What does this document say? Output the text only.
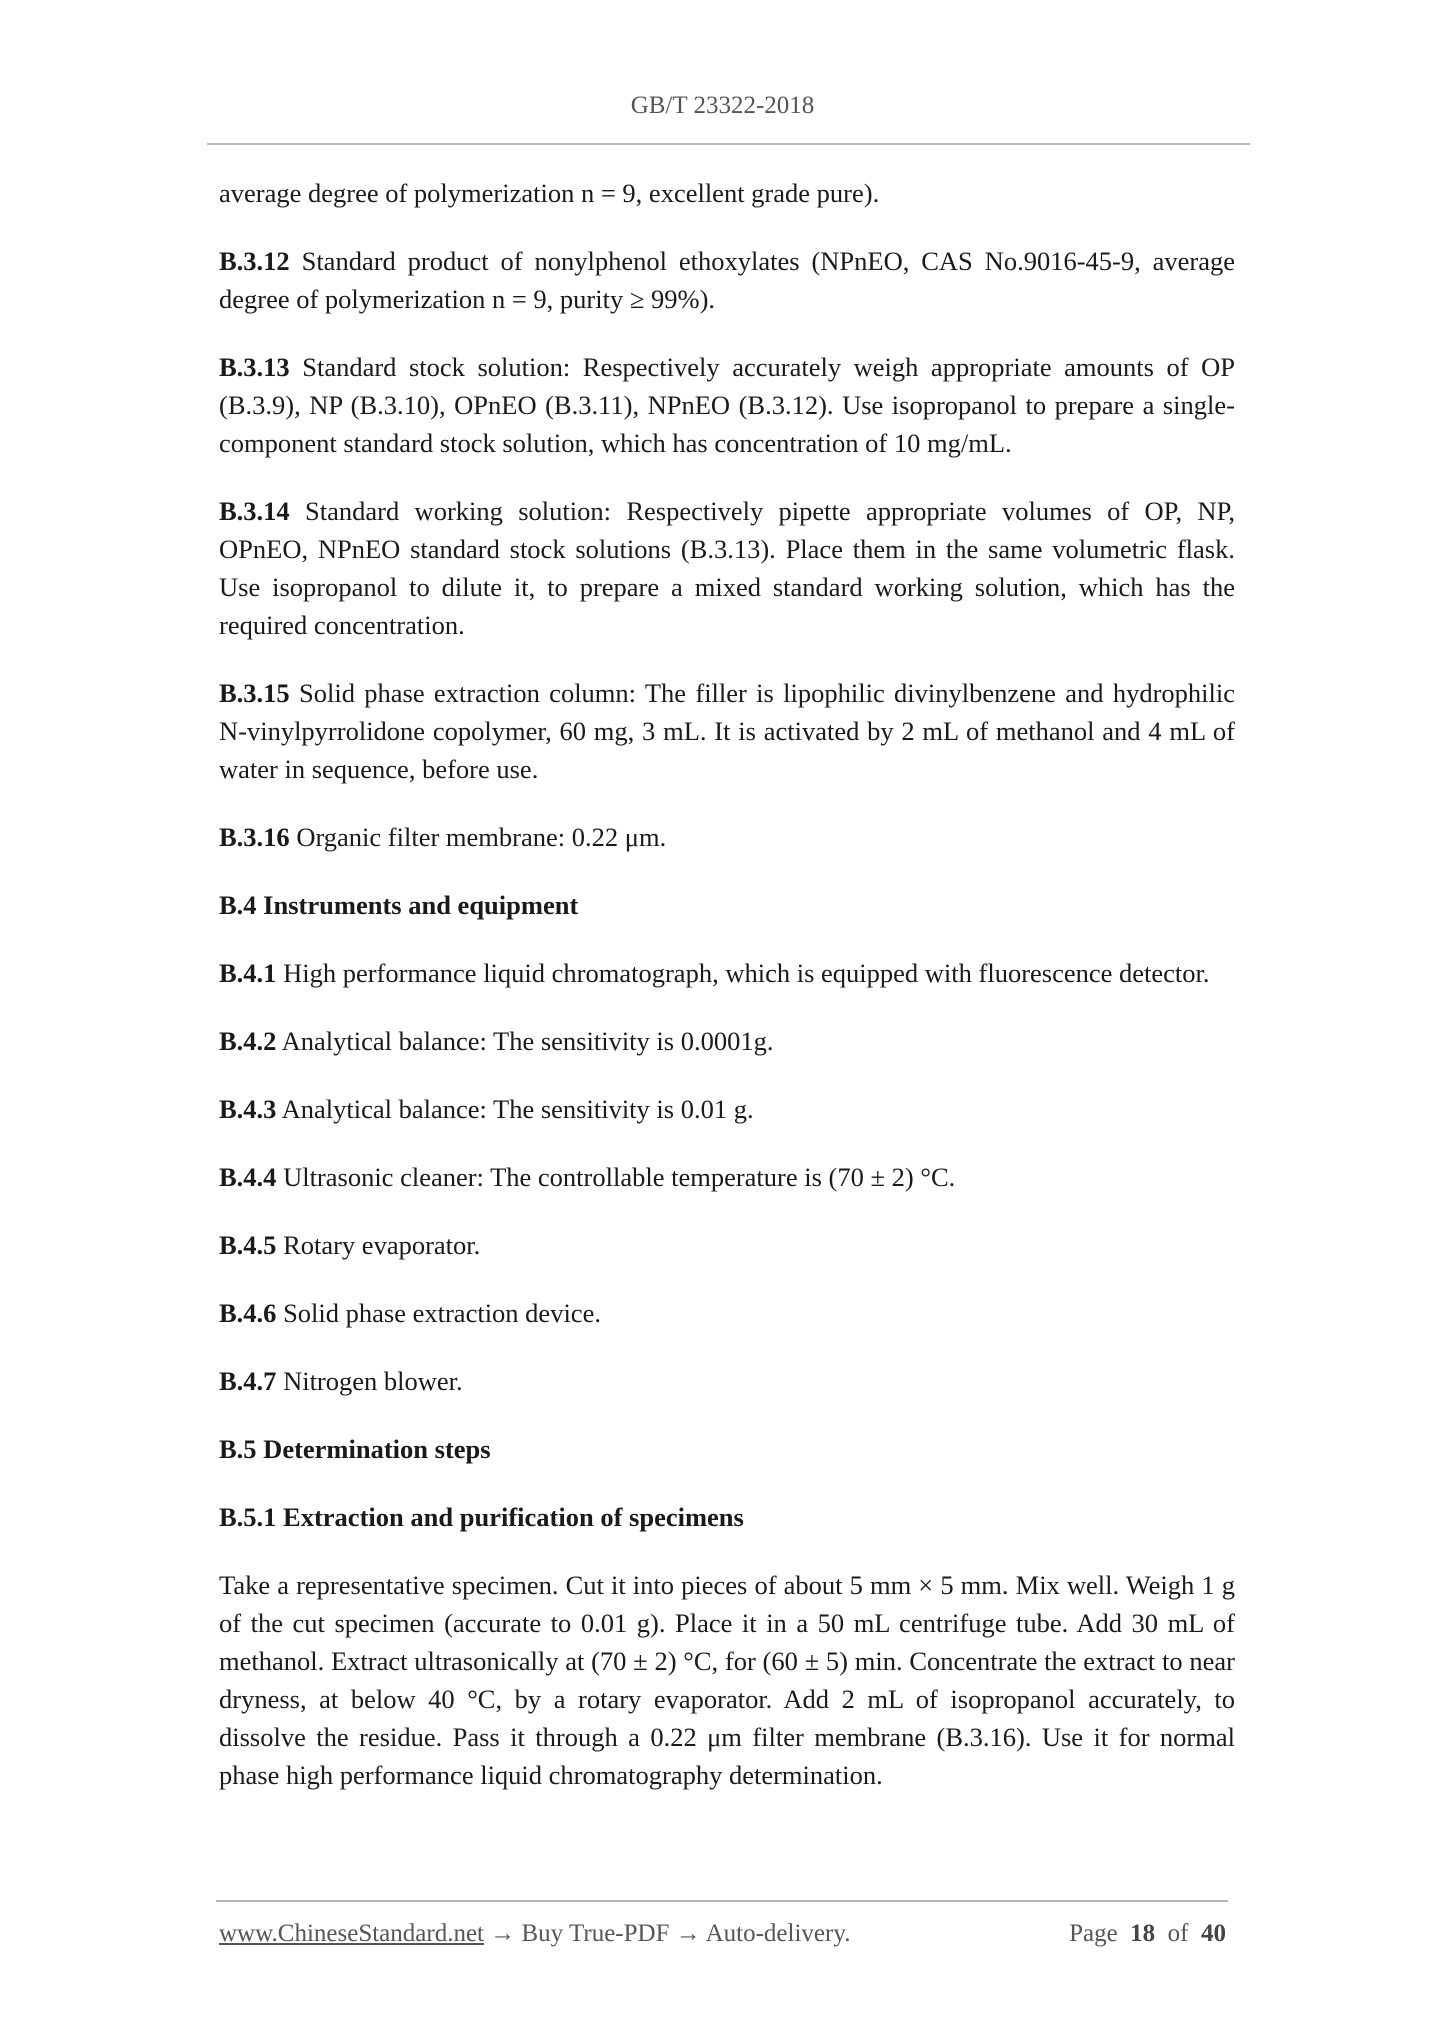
GB/T 23322-2018

average degree of polymerization n = 9, excellent grade pure).

B.3.12 Standard product of nonylphenol ethoxylates (NPnEO, CAS No.9016-45-9, average degree of polymerization n = 9, purity ≥ 99%).

B.3.13 Standard stock solution: Respectively accurately weigh appropriate amounts of OP (B.3.9), NP (B.3.10), OPnEO (B.3.11), NPnEO (B.3.12). Use isopropanol to prepare a single-component standard stock solution, which has concentration of 10 mg/mL.

B.3.14 Standard working solution: Respectively pipette appropriate volumes of OP, NP, OPnEO, NPnEO standard stock solutions (B.3.13). Place them in the same volumetric flask. Use isopropanol to dilute it, to prepare a mixed standard working solution, which has the required concentration.

B.3.15 Solid phase extraction column: The filler is lipophilic divinylbenzene and hydrophilic N-vinylpyrrolidone copolymer, 60 mg, 3 mL. It is activated by 2 mL of methanol and 4 mL of water in sequence, before use.

B.3.16 Organic filter membrane: 0.22 μm.

B.4 Instruments and equipment

B.4.1 High performance liquid chromatograph, which is equipped with fluorescence detector.

B.4.2 Analytical balance: The sensitivity is 0.0001g.

B.4.3 Analytical balance: The sensitivity is 0.01 g.

B.4.4 Ultrasonic cleaner: The controllable temperature is (70 ± 2) °C.

B.4.5 Rotary evaporator.

B.4.6 Solid phase extraction device.

B.4.7 Nitrogen blower.

B.5 Determination steps

B.5.1 Extraction and purification of specimens

Take a representative specimen. Cut it into pieces of about 5 mm × 5 mm. Mix well. Weigh 1 g of the cut specimen (accurate to 0.01 g). Place it in a 50 mL centrifuge tube. Add 30 mL of methanol. Extract ultrasonically at (70 ± 2) °C, for (60 ± 5) min. Concentrate the extract to near dryness, at below 40 °C, by a rotary evaporator. Add 2 mL of isopropanol accurately, to dissolve the residue. Pass it through a 0.22 μm filter membrane (B.3.16). Use it for normal phase high performance liquid chromatography determination.

www.ChineseStandard.net → Buy True-PDF → Auto-delivery.	Page 18 of 40
